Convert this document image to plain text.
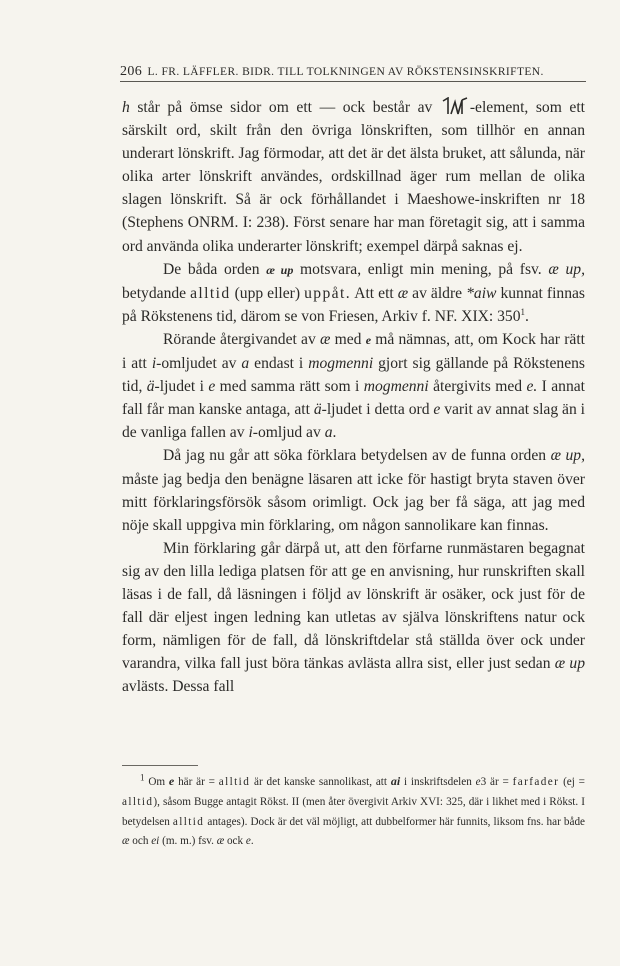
206 L. FR. LÄFFLER. BIDR. TILL TOLKNINGEN AV RÖKSTENSINSKRIFTEN.

h står på ömse sidor om ett — ock består av -element, som ett särskilt ord, skilt från den övriga lönskriften, som tillhör en annan underart lönskrift. Jag förmodar, att det är det älsta bruket, att sålunda, när olika arter lönskrift användes, ordskillnad äger rum mellan de olika slagen lönskrift. Så är ock förhållandet i Maeshowe-inskriften nr 18 (Stephens ONRM. I: 238). Först senare har man företagit sig, att i samma ord använda olika underarter lönskrift; exempel därpå saknas ej.

De båda orden æ up motsvara, enligt min mening, på fsv. æ up, betydande alltid (upp eller) uppåt. Att ett æ av äldre *aiw kunnat finnas på Rökstenens tid, därom se von Friesen, Arkiv f. NF. XIX: $350^1$.

Rörande återgivandet av æ med e må nämnas, att, om Kock har rätt i att i-omljudet av a endast i mogmenni gjort sig gällande på Rökstenens tid, ä-ljudet i e med samma rätt som i mogmenni återgivits med e. I annat fall får man kanske antaga, att ä-ljudet i detta ord e varit av annat slag än i de vanliga fallen av i-omljud av a.

Då jag nu går att söka förklara betydelsen av de funna orden æ up, måste jag bedja den benägne läsaren att icke för hastigt bryta staven över mitt förklaringsförsök såsom orimligt. Ock jag ber få säga, att jag med nöje skall uppgiva min förklaring, om någon sannolikare kan finnas.

Min förklaring går därpå ut, att den förfarne runmästaren begagnat sig av den lilla lediga platsen för att ge en anvisning, hur runskriften skall läsas i de fall, då läsningen i följd av lönskrift är osäker, ock just för de fall där eljest ingen ledning kan utletas av själva lönskriftens natur ock form, nämligen för de fall, då lönskriftdelar stå ställda över ock under varandra, vilka fall just böra tänkas avlästa allra sist, eller just sedan æ up avlästs. Dessa fall

$^1$ Om e här är = alltid är det kanske sannolikast, att ai i inskriftsdelen e3 är = farfader (ej = alltid), såsom Bugge antagit Rökst. II (men åter övergivit Arkiv XVI: 325, där i likhet med i Rökst. I betydelsen alltid antages). Dock är det väl möjligt, att dubbelformer här funnits, liksom fns. har både æ och ei (m. m.) fsv. æ ock e.
